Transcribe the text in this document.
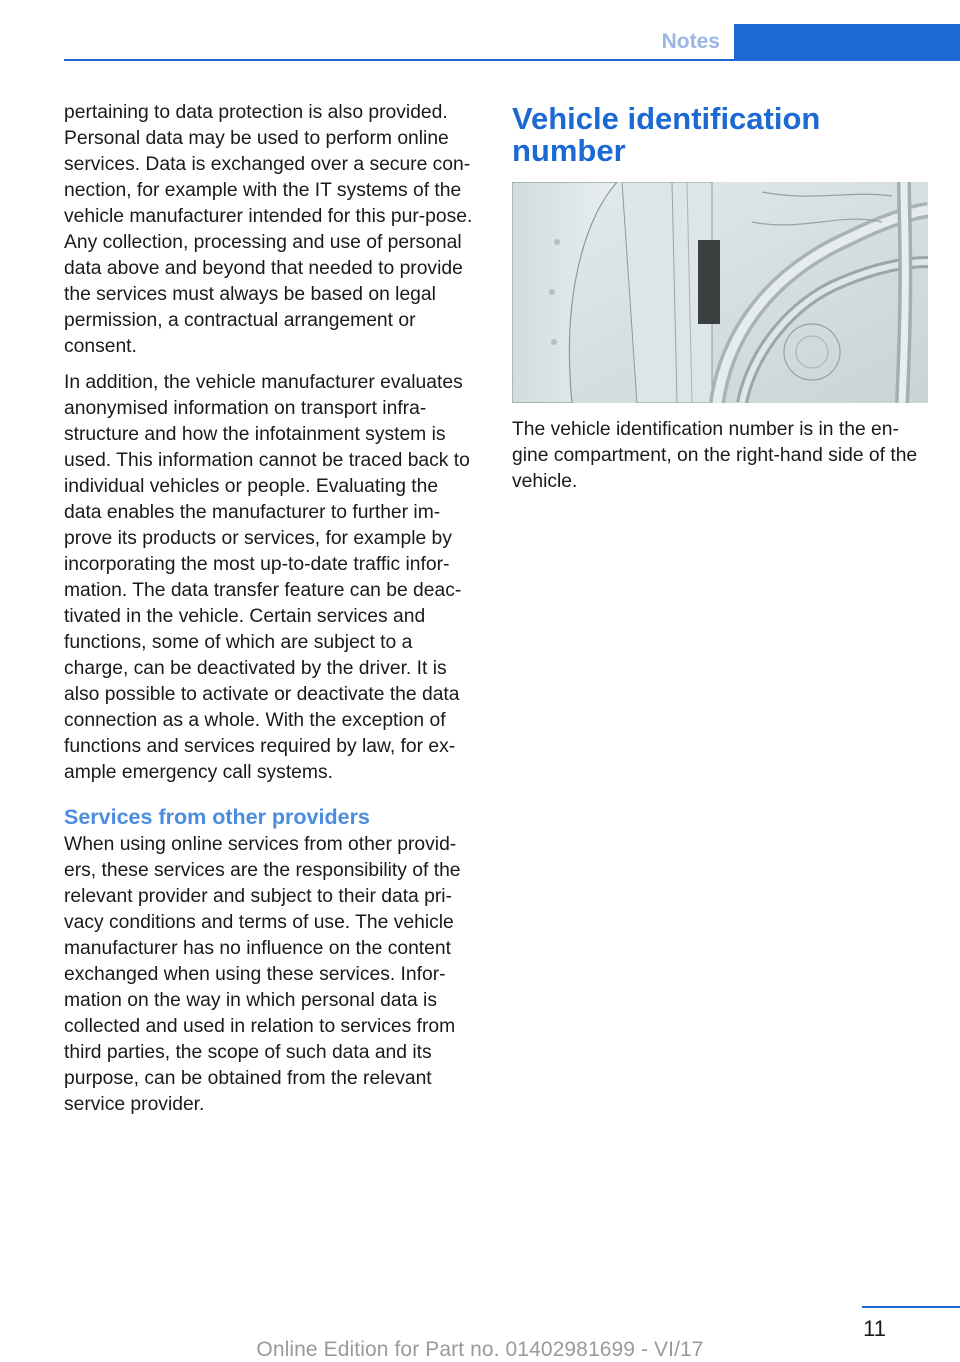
Notes

pertaining to data protection is also provided. Personal data may be used to perform online services. Data is exchanged over a secure con‐nection, for example with the IT systems of the vehicle manufacturer intended for this pur‐pose. Any collection, processing and use of personal data above and beyond that needed to provide the services must always be based on legal permission, a contractual arrangement or consent.

In addition, the vehicle manufacturer evaluates anonymised information on transport infra‐structure and how the infotainment system is used. This information cannot be traced back to individual vehicles or people. Evaluating the data enables the manufacturer to further im‐prove its products or services, for example by incorporating the most up-to-date traffic infor‐mation. The data transfer feature can be deac‐tivated in the vehicle. Certain services and functions, some of which are subject to a charge, can be deactivated by the driver. It is also possible to activate or deactivate the data connection as a whole. With the exception of functions and services required by law, for ex‐ample emergency call systems.

Services from other providers

When using online services from other provid‐ers, these services are the responsibility of the relevant provider and subject to their data pri‐vacy conditions and terms of use. The vehicle manufacturer has no influence on the content exchanged when using these services. Infor‐mation on the way in which personal data is collected and used in relation to services from third parties, the scope of such data and its purpose, can be obtained from the relevant service provider.

Vehicle identification number

The vehicle identification number is in the en‐gine compartment, on the right-hand side of the vehicle.

11
Online Edition for Part no. 01402981699 - VI/17
